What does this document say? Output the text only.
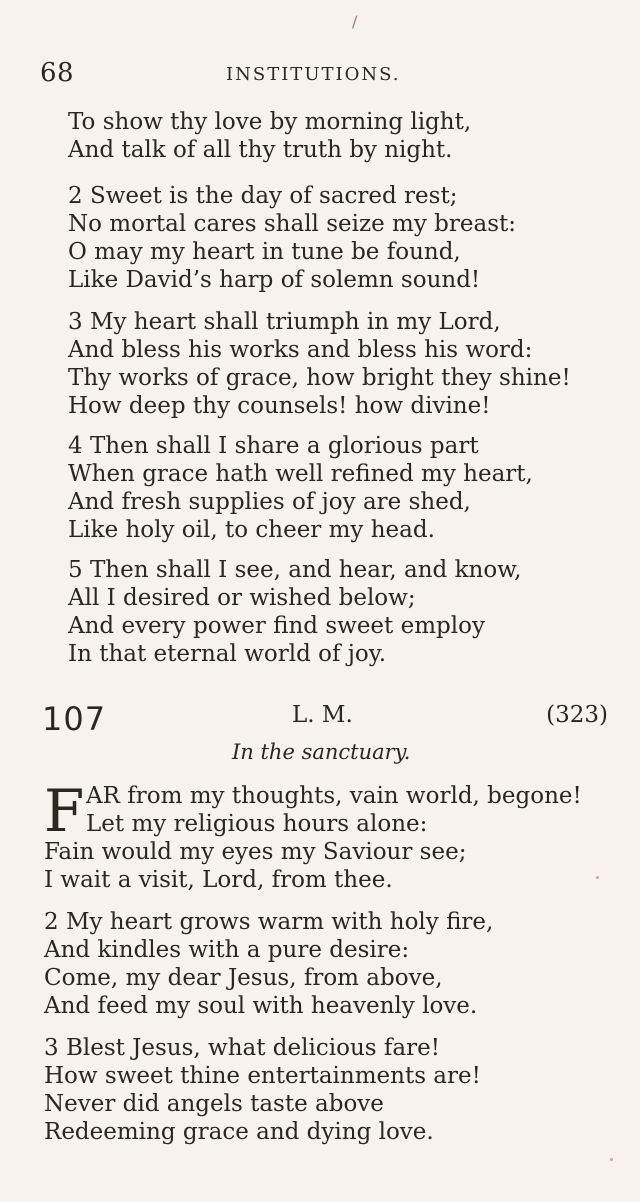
/
68	INSTITUTIONS.
To show thy love by morning light,
And talk of all thy truth by night.
2 Sweet is the day of sacred rest;
No mortal cares shall seize my breast:
O may my heart in tune be found,
Like David’s harp of solemn sound!
3 My heart shall triumph in my Lord,
And bless his works and bless his word:
Thy works of grace, how bright they shine!
How deep thy counsels! how divine!
4 Then shall I share a glorious part
When grace hath well refined my heart,
And fresh supplies of joy are shed,
Like holy oil, to cheer my head.
5 Then shall I see, and hear, and know,
All I desired or wished below;
And every power find sweet employ
In that eternal world of joy.
107	L. M.	(323)
In the sanctuary.
F AR from my thoughts, vain world, begone!
Let my religious hours alone:
Fain would my eyes my Saviour see;
I wait a visit, Lord, from thee.
2 My heart grows warm with holy fire,
And kindles with a pure desire:
Come, my dear Jesus, from above,
And feed my soul with heavenly love.
3 Blest Jesus, what delicious fare!
How sweet thine entertainments are!
Never did angels taste above
Redeeming grace and dying love.
